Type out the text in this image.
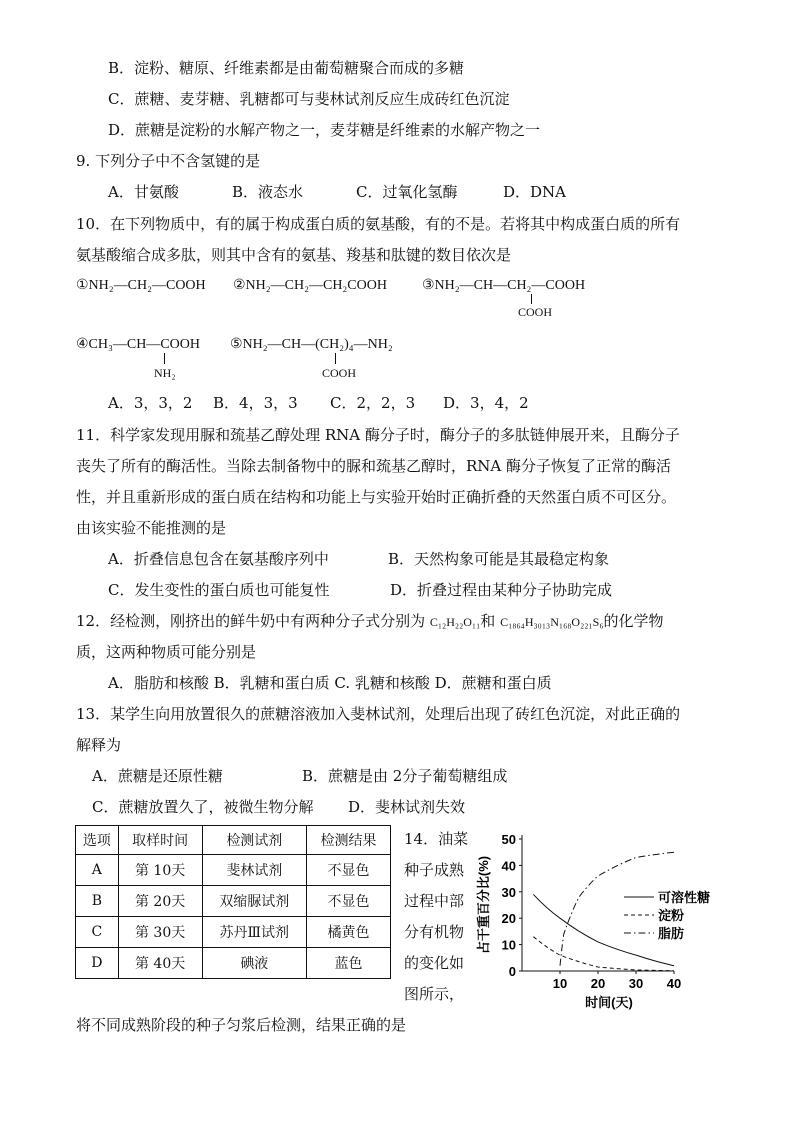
B．淀粉、糖原、纤维素都是由葡萄糖聚合而成的多糖
C．蔗糖、麦芽糖、乳糖都可与斐林试剂反应生成砖红色沉淀
D．蔗糖是淀粉的水解产物之一，麦芽糖是纤维素的水解产物之一
9. 下列分子中不含氢键的是
A．甘氨酸	B．液态水	C．过氧化氢酶	D．DNA
10．在下列物质中，有的属于构成蛋白质的氨基酸，有的不是。若将其中构成蛋白质的所有
氨基酸缩合成多肽，则其中含有的氨基、羧基和肽键的数目依次是
①NH₂—CH₂—COOH ②NH₂—CH₂—CH₂COOH	③NH₂—CH—CH₂—COOH
COOH
④CH₃—CH—COOH
NH₂
⑤NH₂—CH—(CH₂)₄—NH₂
COOH
A．3，3，2 B．4，3，3 C．2，2，3 D．3，4，2
11．科学家发现用脲和巯基乙醇处理 RNA 酶分子时，酶分子的多肽链伸展开来，且酶分子
丧失了所有的酶活性。当除去制备物中的脲和巯基乙醇时，RNA 酶分子恢复了正常的酶活
性，并且重新形成的蛋白质在结构和功能上与实验开始时正确折叠的天然蛋白质不可区分。
由该实验不能推测的是
A．折叠信息包含在氨基酸序列中	B．天然构象可能是其最稳定构象
C．发生变性的蛋白质也可能复性	D．折叠过程由某种分子协助完成
12．经检测，刚挤出的鲜牛奶中有两种分子式分别为 C₁₂H₂₂O₁₁和 C₁₈₆₄H₃₀₁₃N₁₆₈O₂₂₁S₆的化学物
质，这两种物质可能分别是
A．脂肪和核酸 B．乳糖和蛋白质 C. 乳糖和核酸 D．蔗糖和蛋白质
13．某学生向用放置很久的蔗糖溶液加入斐林试剂，处理后出现了砖红色沉淀，对此正确的
解释为
A．蔗糖是还原性糖	B．蔗糖是由 2分子葡萄糖组成
C．蔗糖放置久了，被微生物分解 D．斐林试剂失效
选项	取样时间	检测试剂	检测结果
A	第 10天	斐林试剂	不显色
B	第 20天	双缩脲试剂	不显色
C	第 30天	苏丹Ⅲ试剂	橘黄色
D	第 40天	碘液	蓝色
14．油菜
种子成熟
过程中部
分有机物
的变化如
图所示，
将不同成熟阶段的种子匀浆后检测，结果正确的是
0
10
20
30
40
50
10 20 30 40
占干重百分比(%)
时间(天)
可溶性糖
淀粉
脂肪
